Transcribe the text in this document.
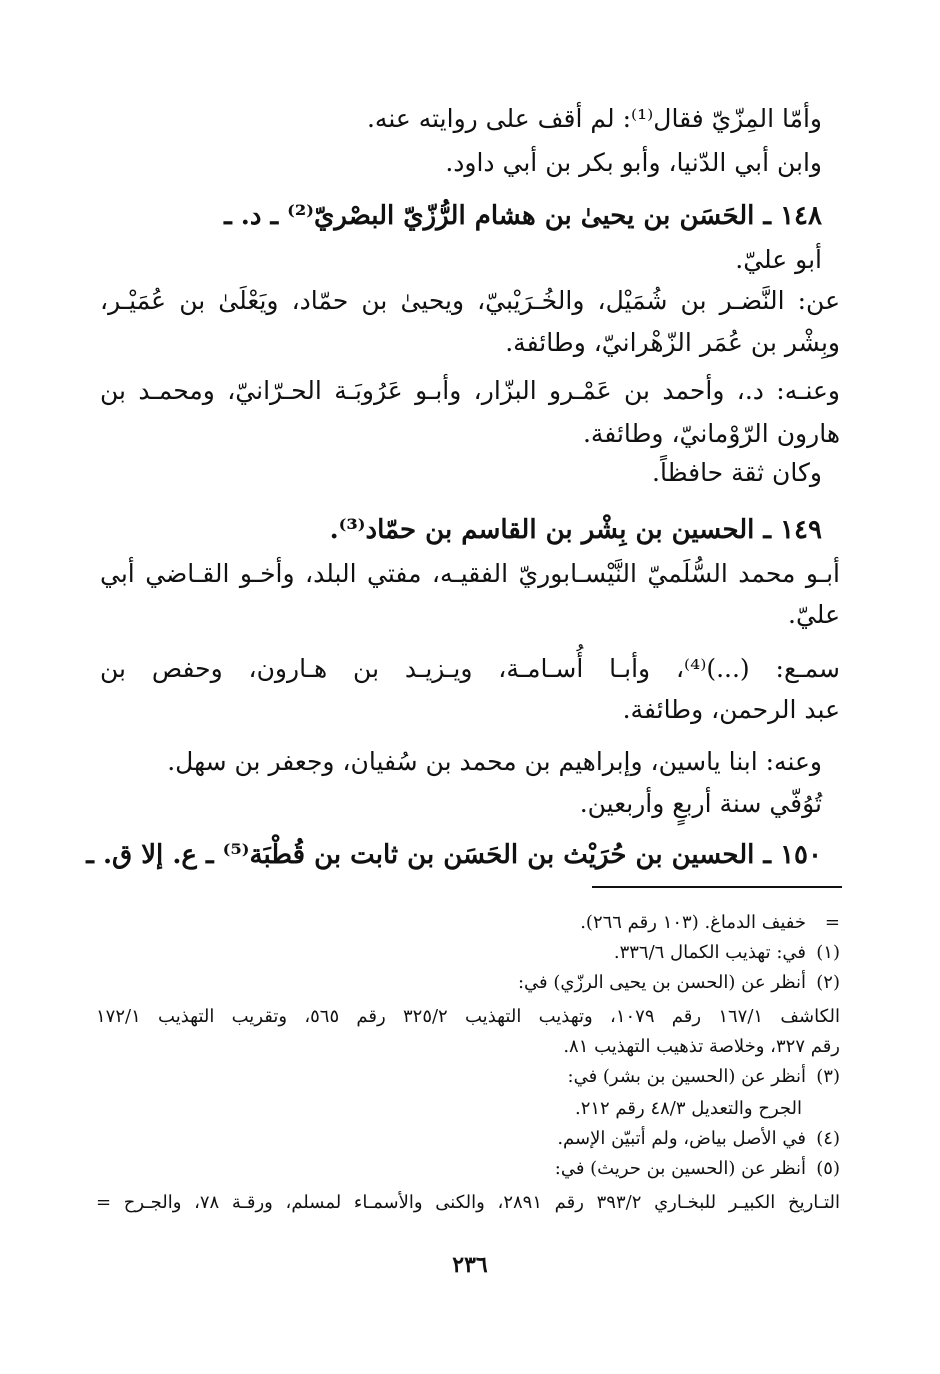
وأمّا المِزّيّ فقال⁽¹⁾: لم أقف على روايته عنه.
وابن أبي الدّنيا، وأبو بكر بن أبي داود.
١٤٨ ـ الحَسَن بن يحيىٰ بن هشام الرُّزّيّ البصْريّ⁽²⁾ ـ د. ـ
أبو عليّ.
عن: النَّضـر بن شُمَيْل، والخُـرَيْبيّ، ويحيىٰ بن حمّاد، ويَعْلَىٰ بن عُمَيْـر،
وبِشْر بن عُمَر الزّهْرانيّ، وطائفة.
وعنـه: د.، وأحمد بن عَمْـرو البزّار، وأبـو عَرُوبَـة الحـرّانيّ، ومحمـد بن
هارون الرّوْمانيّ، وطائفة.
وكان ثقة حافظاً.
١٤٩ ـ الحسين بن بِشْر بن القاسم بن حمّاد⁽³⁾.
أبـو محمد السُّلَميّ النَّيْسـابوريّ الفقيـه، مفتي البلد، وأخـو القـاضي أبي
عليّ.
سمـع: (...)⁽⁴⁾، وأبـا أُسـامـة، ويـزيـد بن هـارون، وحفص بن
عبد الرحمن، وطائفة.
وعنه: ابنا ياسين، وإبراهيم بن محمد بن سُفيان، وجعفر بن سهل.
تُوُفّي سنة أربعٍ وأربعين.
١٥٠ ـ الحسين بن حُرَيْث بن الحَسَن بن ثابت بن قُطْبَة⁽⁵⁾ ـ ع. إلا ق. ـ
=خفيف الدماغ. (١٠٣ رقم ٢٦٦).
(١)في: تهذيب الكمال ٣٣٦/٦.
(٢)أنظر عن (الحسن بن يحيى الرزّي) في:
الكاشف ١٦٧/١ رقم ١٠٧٩، وتهذيب التهذيب ٣٢٥/٢ رقم ٥٦٥، وتقريب التهذيب ١٧٢/١
رقم ٣٢٧، وخلاصة تذهيب التهذيب ٨١.
(٣)أنظر عن (الحسين بن بشر) في:
الجرح والتعديل ٤٨/٣ رقم ٢١٢.
(٤)في الأصل بياض، ولم أتبيّن الإسم.
(٥)أنظر عن (الحسين بن حريث) في:
التـاريخ الكبيـر للبخـاري ٣٩٣/٢ رقم ٢٨٩١، والكنى والأسمـاء لمسلم، ورقـة ٧٨، والجـرح =
٢٣٦
